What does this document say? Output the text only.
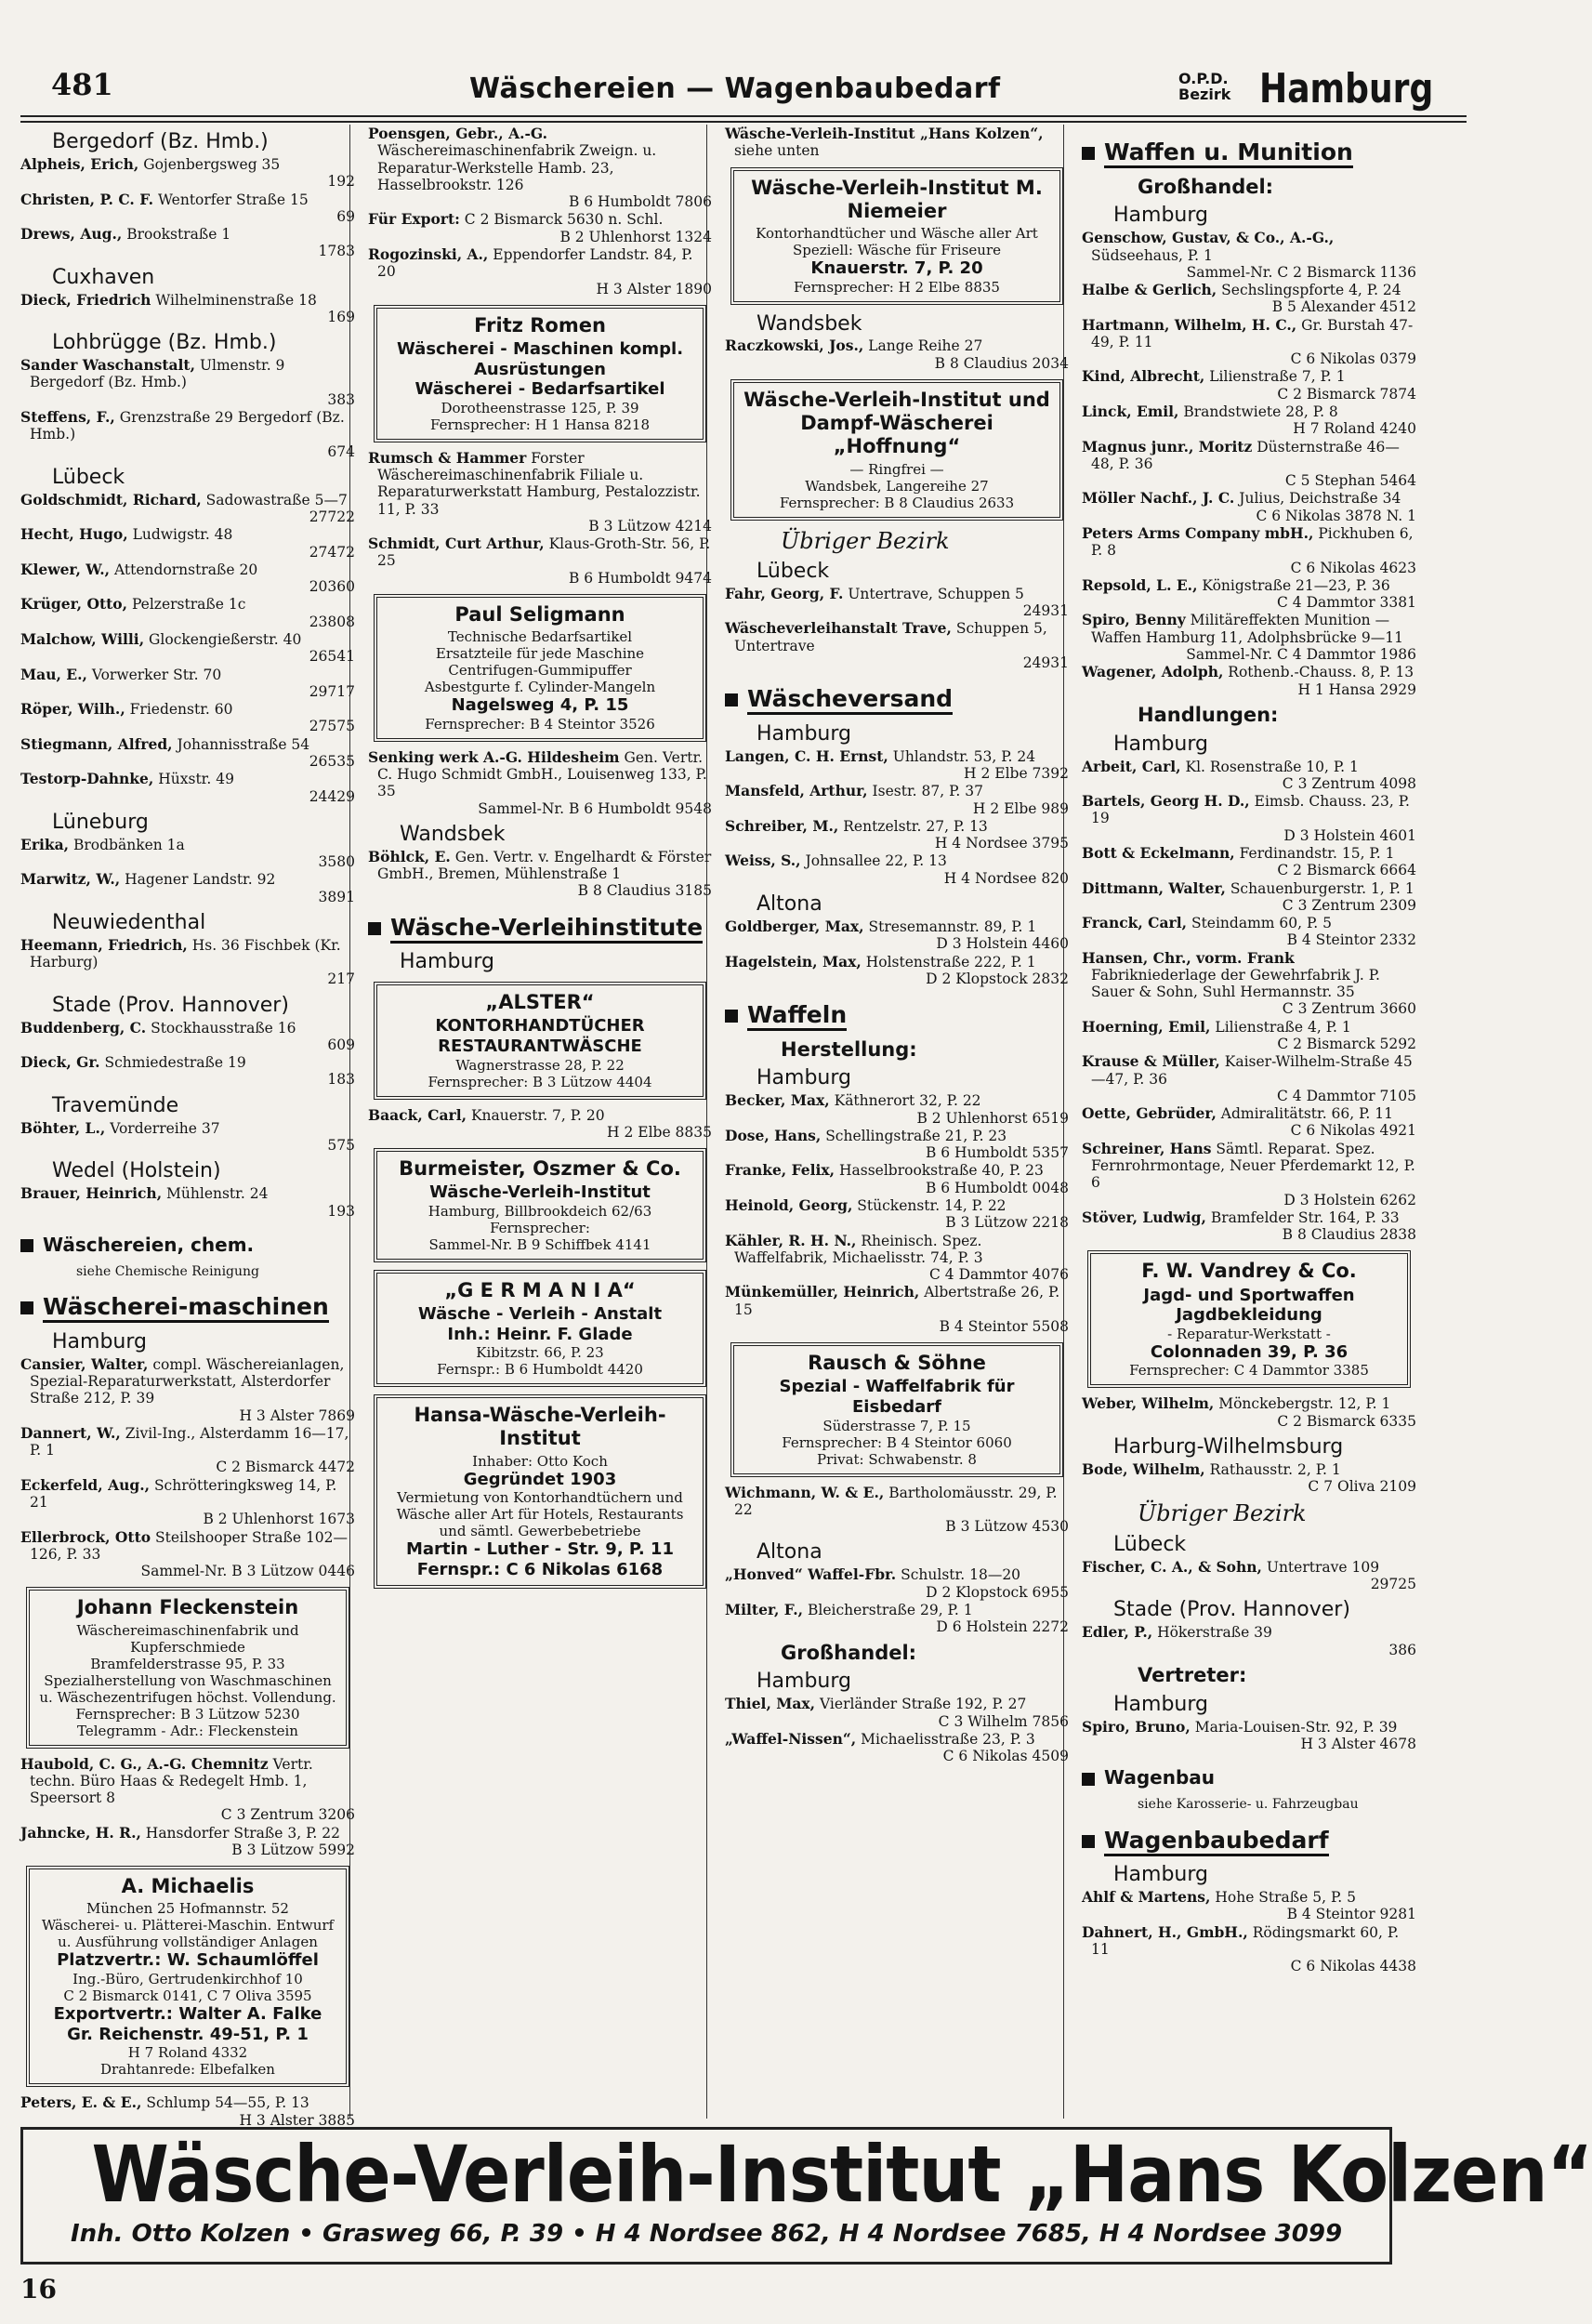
481	Wäschereien — Wagenbaubedarf	O.P.D.
Bezirk Hamburg
Bergedorf (Bz. Hmb.)
Alpheis, Erich, Gojenbergsweg 35
192
Christen, P. C. F. Wentorfer Straße 15
69
Drews, Aug., Brookstraße 1
1783
Cuxhaven
Dieck, Friedrich Wilhelminenstraße 18
169
Lohbrügge (Bz. Hmb.)
Sander Waschanstalt, Ulmenstr. 9 Bergedorf (Bz. Hmb.)
383
Steffens, F., Grenzstraße 29 Bergedorf (Bz. Hmb.)
674
Lübeck
Goldschmidt, Richard, Sadowastraße 5—7
27722
Hecht, Hugo, Ludwigstr. 48
27472
Klewer, W., Attendornstraße 20
20360
Krüger, Otto, Pelzerstraße 1c
23808
Malchow, Willi, Glockengießerstr. 40
26541
Mau, E., Vorwerker Str. 70
29717
Röper, Wilh., Friedenstr. 60
27575
Stiegmann, Alfred, Johannisstraße 54
26535
Testorp-Dahnke, Hüxstr. 49
24429
Lüneburg
Erika, Brodbänken 1a
3580
Marwitz, W., Hagener Landstr. 92
3891
Neuwiedenthal
Heemann, Friedrich, Hs. 36 Fischbek (Kr. Harburg)
217
Stade (Prov. Hannover)
Buddenberg, C. Stockhausstraße 16
609
Dieck, Gr. Schmiedestraße 19
183
Travemünde
Böhter, L., Vorderreihe 37
575
Wedel (Holstein)
Brauer, Heinrich, Mühlenstr. 24
193
Wäschereien, chem.
siehe Chemische Reinigung
Wäscherei-maschinen
Hamburg
Cansier, Walter, compl. Wäschereianlagen, Spezial-Reparaturwerkstatt, Alsterdorfer Straße 212, P. 39
H 3 Alster 7869
Dannert, W., Zivil-Ing., Alsterdamm 16—17, P. 1
C 2 Bismarck 4472
Eckerfeld, Aug., Schrötteringksweg 14, P. 21
B 2 Uhlenhorst 1673
Ellerbrock, Otto Steilshooper Straße 102—126, P. 33
Sammel-Nr. B 3 Lützow 0446
Johann Fleckenstein
Wäschereimaschinenfabrik und Kupferschmiede
Bramfelderstrasse 95, P. 33
Spezialherstellung von Waschmaschinen u. Wäschezentrifugen höchst. Vollendung.
Fernsprecher: B 3 Lützow 5230
Telegramm - Adr.: Fleckenstein
Haubold, C. G., A.-G. Chemnitz Vertr. techn. Büro Haas & Redegelt Hmb. 1, Speersort 8
C 3 Zentrum 3206
Jahncke, H. R., Hansdorfer Straße 3, P. 22
B 3 Lützow 5992
A. Michaelis
München 25 Hofmannstr. 52
Wäscherei- u. Plätterei-Maschin. Entwurf u. Ausführung vollständiger Anlagen
Platzvertr.: W. Schaumlöffel
Ing.-Büro, Gertrudenkirchhof 10
C 2 Bismarck 0141, C 7 Oliva 3595
Exportvertr.: Walter A. Falke
Gr. Reichenstr. 49-51, P. 1
H 7 Roland 4332
Drahtanrede: Elbefalken
Peters, E. & E., Schlump 54—55, P. 13
H 3 Alster 3885
Poensgen, Gebr., A.-G. Wäschereimaschinenfabrik Zweign. u. Reparatur-Werkstelle Hamb. 23, Hasselbrookstr. 126
B 6 Humboldt 7806
Für Export: C 2 Bismarck 5630 n. Schl.
B 2 Uhlenhorst 1324
Rogozinski, A., Eppendorfer Landstr. 84, P. 20
H 3 Alster 1890
Fritz Romen
Wäscherei - Maschinen kompl. Ausrüstungen
Wäscherei - Bedarfsartikel
Dorotheenstrasse 125, P. 39
Fernsprecher: H 1 Hansa 8218
Rumsch & Hammer Forster Wäschereimaschinenfabrik Filiale u. Reparaturwerkstatt Hamburg, Pestalozzistr. 11, P. 33
B 3 Lützow 4214
Schmidt, Curt Arthur, Klaus-Groth-Str. 56, P. 25
B 6 Humboldt 9474
Paul Seligmann
Technische Bedarfsartikel
Ersatzteile für jede Maschine
Centrifugen-Gummipuffer
Asbestgurte f. Cylinder-Mangeln
Nagelsweg 4, P. 15
Fernsprecher: B 4 Steintor 3526
Senking werk A.-G. Hildesheim Gen. Vertr. C. Hugo Schmidt GmbH., Louisenweg 133, P. 35
Sammel-Nr. B 6 Humboldt 9548
Wandsbek
Böhlck, E. Gen. Vertr. v. Engelhardt & Förster GmbH., Bremen, Mühlenstraße 1
B 8 Claudius 3185
Wäsche-Verleihinstitute
Hamburg
„ALSTER“
KONTORHANDTÜCHER
RESTAURANTWÄSCHE
Wagnerstrasse 28, P. 22
Fernsprecher: B 3 Lützow 4404
Baack, Carl, Knauerstr. 7, P. 20
H 2 Elbe 8835
Burmeister, Oszmer & Co.
Wäsche-Verleih-Institut
Hamburg, Billbrookdeich 62/63
Fernsprecher:
Sammel-Nr. B 9 Schiffbek 4141
„G E R M A N I A“
Wäsche - Verleih - Anstalt
Inh.: Heinr. F. Glade
Kibitzstr. 66, P. 23
Fernspr.: B 6 Humboldt 4420
Hansa-Wäsche-Verleih-Institut
Inhaber: Otto Koch
Gegründet 1903
Vermietung von Kontorhandtüchern und Wäsche aller Art für Hotels, Restaurants und sämtl. Gewerbebetriebe
Martin - Luther - Str. 9, P. 11
Fernspr.: C 6 Nikolas 6168
Wäsche-Verleih-Institut „Hans Kolzen“, siehe unten
Wäsche-Verleih-Institut M. Niemeier
Kontorhandtücher und Wäsche aller Art
Speziell: Wäsche für Friseure
Knauerstr. 7, P. 20
Fernsprecher: H 2 Elbe 8835
Wandsbek
Raczkowski, Jos., Lange Reihe 27
B 8 Claudius 2034
Wäsche-Verleih-Institut und Dampf-Wäscherei „Hoffnung“
— Ringfrei —
Wandsbek, Langereihe 27
Fernsprecher: B 8 Claudius 2633
Übriger Bezirk
Lübeck
Fahr, Georg, F. Untertrave, Schuppen 5
24931
Wäscheverleihanstalt Trave, Schuppen 5, Untertrave
24931
Wäscheversand
Hamburg
Langen, C. H. Ernst, Uhlandstr. 53, P. 24
H 2 Elbe 7392
Mansfeld, Arthur, Isestr. 87, P. 37
H 2 Elbe 989
Schreiber, M., Rentzelstr. 27, P. 13
H 4 Nordsee 3795
Weiss, S., Johnsallee 22, P. 13
H 4 Nordsee 820
Altona
Goldberger, Max, Stresemannstr. 89, P. 1
D 3 Holstein 4460
Hagelstein, Max, Holstenstraße 222, P. 1
D 2 Klopstock 2832
Waffeln
Herstellung:
Hamburg
Becker, Max, Käthnerort 32, P. 22
B 2 Uhlenhorst 6519
Dose, Hans, Schellingstraße 21, P. 23
B 6 Humboldt 5357
Franke, Felix, Hasselbrookstraße 40, P. 23
B 6 Humboldt 0048
Heinold, Georg, Stückenstr. 14, P. 22
B 3 Lützow 2218
Kähler, R. H. N., Rheinisch. Spez. Waffelfabrik, Michaelisstr. 74, P. 3
C 4 Dammtor 4076
Münkemüller, Heinrich, Albertstraße 26, P. 15
B 4 Steintor 5508
Rausch & Söhne
Spezial - Waffelfabrik für Eisbedarf
Süderstrasse 7, P. 15
Fernsprecher: B 4 Steintor 6060
Privat: Schwabenstr. 8
Wichmann, W. & E., Bartholomäusstr. 29, P. 22
B 3 Lützow 4530
Altona
„Honved“ Waffel-Fbr. Schulstr. 18—20
D 2 Klopstock 6955
Milter, F., Bleicherstraße 29, P. 1
D 6 Holstein 2272
Großhandel:
Hamburg
Thiel, Max, Vierländer Straße 192, P. 27
C 3 Wilhelm 7856
„Waffel-Nissen“, Michaelisstraße 23, P. 3
C 6 Nikolas 4509
Waffen u. Munition
Großhandel:
Hamburg
Genschow, Gustav, & Co., A.-G., Südseehaus, P. 1
Sammel-Nr. C 2 Bismarck 1136
Halbe & Gerlich, Sechslingspforte 4, P. 24
B 5 Alexander 4512
Hartmann, Wilhelm, H. C., Gr. Burstah 47-49, P. 11
C 6 Nikolas 0379
Kind, Albrecht, Lilienstraße 7, P. 1
C 2 Bismarck 7874
Linck, Emil, Brandstwiete 28, P. 8
H 7 Roland 4240
Magnus junr., Moritz Düsternstraße 46—48, P. 36
C 5 Stephan 5464
Möller Nachf., J. C. Julius, Deichstraße 34
C 6 Nikolas 3878 N. 1
Peters Arms Company mbH., Pickhuben 6, P. 8
C 6 Nikolas 4623
Repsold, L. E., Königstraße 21—23, P. 36
C 4 Dammtor 3381
Spiro, Benny Militäreffekten Munition — Waffen Hamburg 11, Adolphsbrücke 9—11
Sammel-Nr. C 4 Dammtor 1986
Wagener, Adolph, Rothenb.-Chauss. 8, P. 13
H 1 Hansa 2929
Handlungen:
Hamburg
Arbeit, Carl, Kl. Rosenstraße 10, P. 1
C 3 Zentrum 4098
Bartels, Georg H. D., Eimsb. Chauss. 23, P. 19
D 3 Holstein 4601
Bott & Eckelmann, Ferdinandstr. 15, P. 1
C 2 Bismarck 6664
Dittmann, Walter, Schauenburgerstr. 1, P. 1
C 3 Zentrum 2309
Franck, Carl, Steindamm 60, P. 5
B 4 Steintor 2332
Hansen, Chr., vorm. Frank Fabrikniederlage der Gewehrfabrik J. P. Sauer & Sohn, Suhl Hermannstr. 35
C 3 Zentrum 3660
Hoerning, Emil, Lilienstraße 4, P. 1
C 2 Bismarck 5292
Krause & Müller, Kaiser-Wilhelm-Straße 45—47, P. 36
C 4 Dammtor 7105
Oette, Gebrüder, Admiralitätstr. 66, P. 11
C 6 Nikolas 4921
Schreiner, Hans Sämtl. Reparat. Spez. Fernrohrmontage, Neuer Pferdemarkt 12, P. 6
D 3 Holstein 6262
Stöver, Ludwig, Bramfelder Str. 164, P. 33
B 8 Claudius 2838
F. W. Vandrey & Co.
Jagd- und Sportwaffen Jagdbekleidung
- Reparatur-Werkstatt -
Colonnaden 39, P. 36
Fernsprecher: C 4 Dammtor 3385
Weber, Wilhelm, Mönckebergstr. 12, P. 1
C 2 Bismarck 6335
Harburg-Wilhelmsburg
Bode, Wilhelm, Rathausstr. 2, P. 1
C 7 Oliva 2109
Übriger Bezirk
Lübeck
Fischer, C. A., & Sohn, Untertrave 109
29725
Stade (Prov. Hannover)
Edler, P., Hökerstraße 39
386
Vertreter:
Hamburg
Spiro, Bruno, Maria-Louisen-Str. 92, P. 39
H 3 Alster 4678
Wagenbau
siehe Karosserie- u. Fahrzeugbau
Wagenbaubedarf
Hamburg
Ahlf & Martens, Hohe Straße 5, P. 5
B 4 Steintor 9281
Dahnert, H., GmbH., Rödingsmarkt 60, P. 11
C 6 Nikolas 4438
Wäsche-Verleih-Institut „Hans Kolzen“
Inh. Otto Kolzen • Grasweg 66, P. 39 • H 4 Nordsee 862, H 4 Nordsee 7685, H 4 Nordsee 3099
16
